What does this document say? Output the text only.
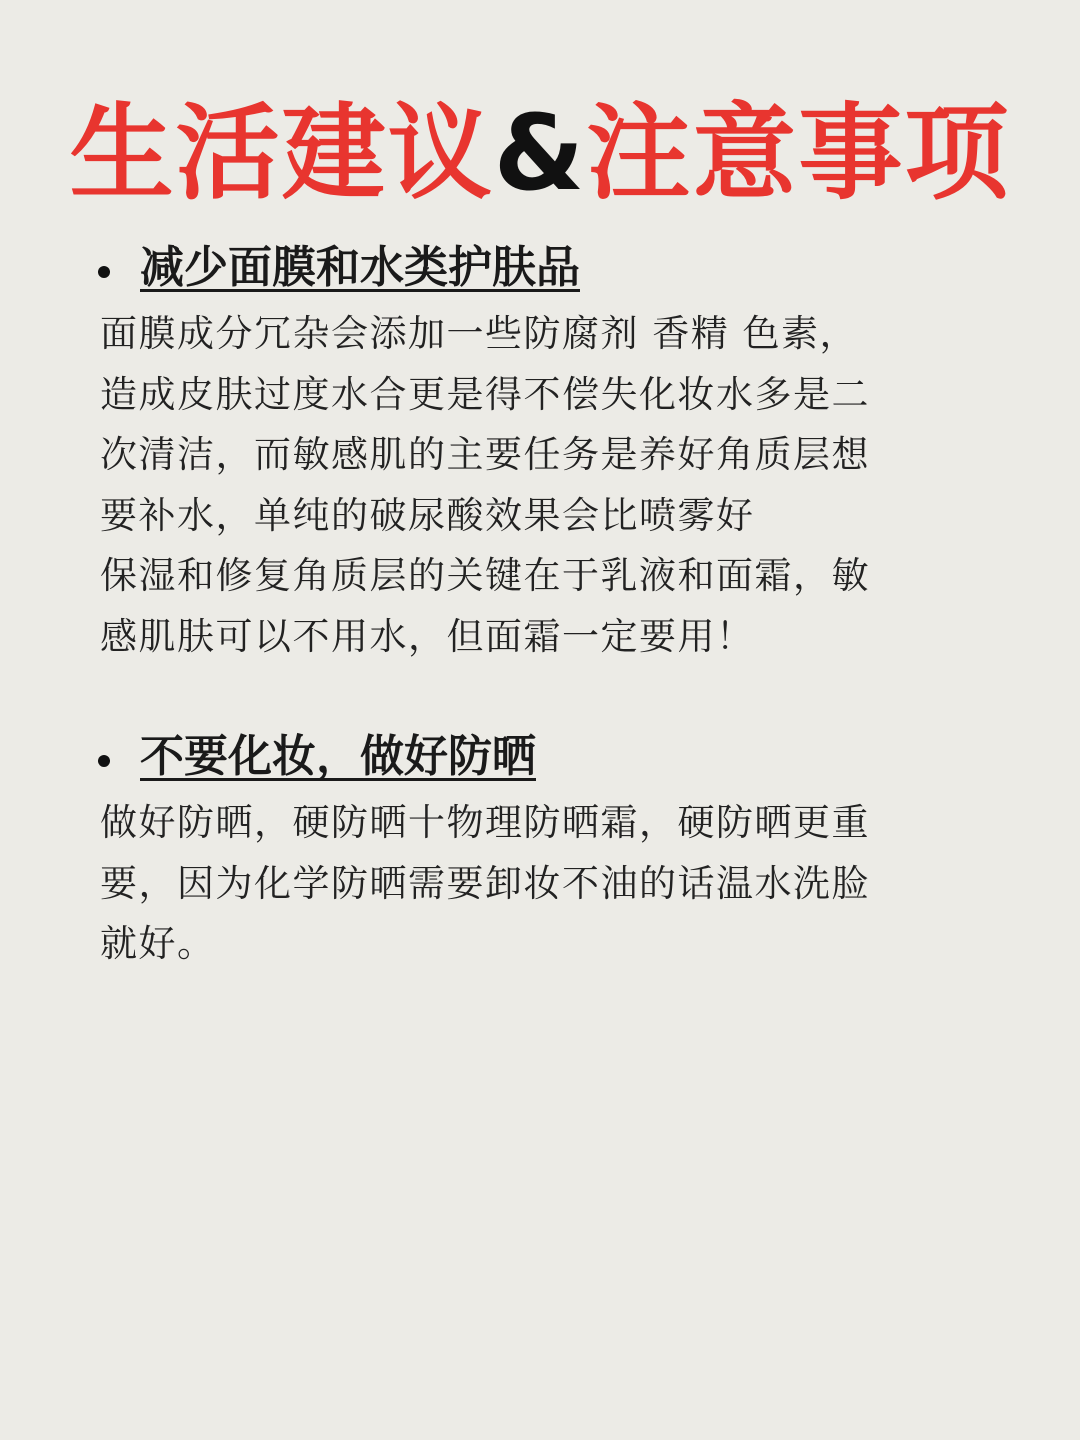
生活建议&注意事项
减少面膜和水类护肤品
面膜成分冗杂会添加一些防腐剂 香精 色素，
造成皮肤过度水合更是得不偿失化妆水多是二
次清洁，而敏感肌的主要任务是养好角质层想
要补水，单纯的破尿酸效果会比喷雾好
保湿和修复角质层的关键在于乳液和面霜，敏
感肌肤可以不用水，但面霜一定要用！
不要化妆，做好防晒
做好防晒，硬防晒十物理防晒霜，硬防晒更重
要，因为化学防晒需要卸妆不油的话温水洗脸
就好。
